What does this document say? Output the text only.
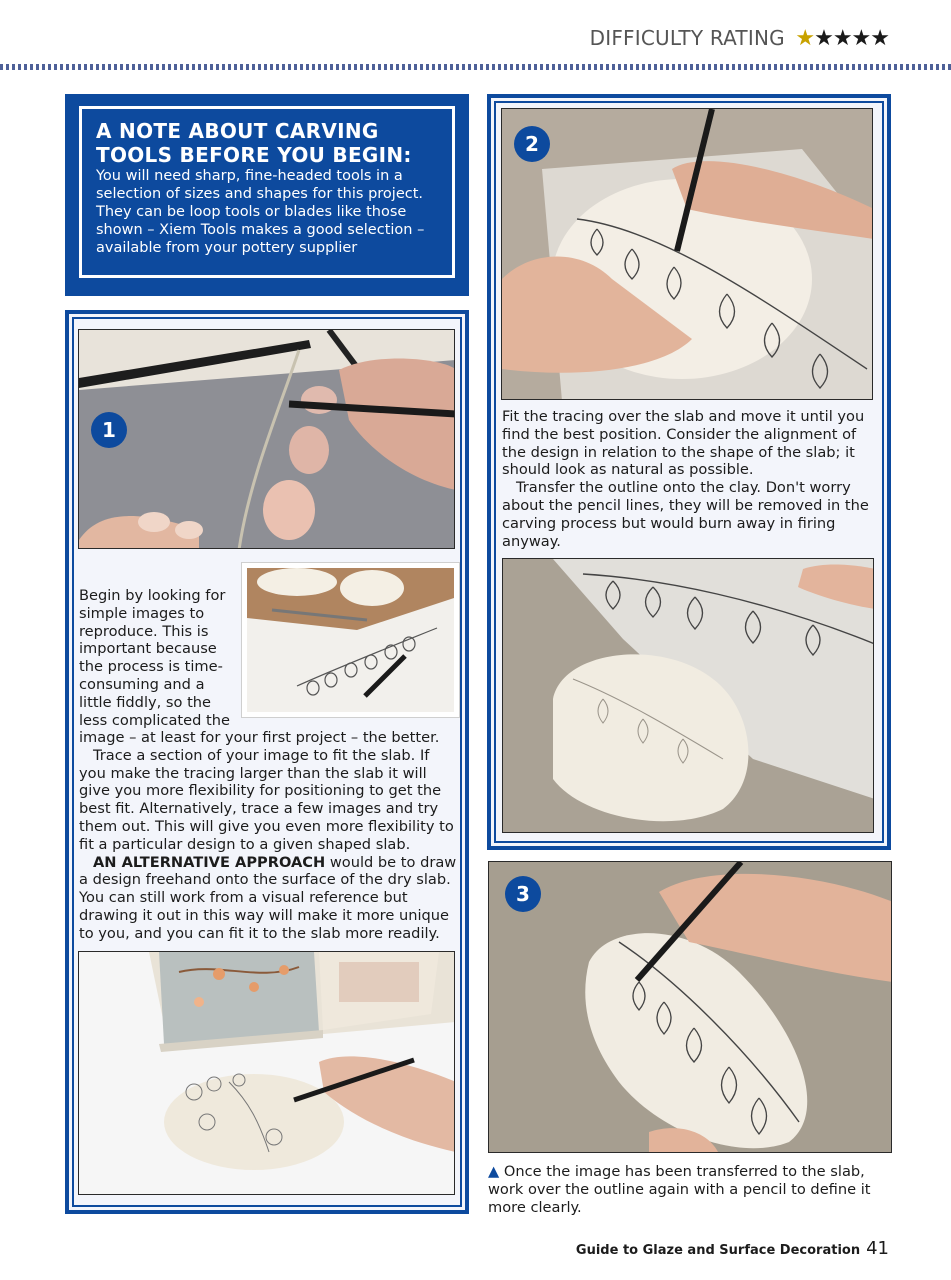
DIFFICULTY RATING ★★★★★
A NOTE ABOUT CARVING TOOLS BEFORE YOU BEGIN:
You will need sharp, fine-headed tools in a selection of sizes and shapes for this project. They can be loop tools or blades like those shown – Xiem Tools makes a good selection – available from your pottery supplier
1
Begin by looking for simple images to reproduce. This is important because the process is time-consuming and a little fiddly, so the less complicated the

image – at least for your first project – the better.

Trace a section of your image to fit the slab. If you make the tracing larger than the slab it will give you more flexibility for positioning to get the best fit. Alternatively, trace a few images and try them out. This will give you even more flexibility to fit a particular design to a given shaped slab.

AN ALTERNATIVE APPROACH would be to draw a design freehand onto the surface of the dry slab. You can still work from a visual reference but drawing it out in this way will make it more unique to you, and you can fit it to the slab more readily.

2

Fit the tracing over the slab and move it until you find the best position. Consider the alignment of the design in relation to the shape of the slab; it should look as natural as possible.

Transfer the outline onto the clay. Don't worry about the pencil lines, they will be removed in the carving process but would burn away in firing anyway.

3
▲ Once the image has been transferred to the slab, work over the outline again with a pencil to define it more clearly.
Guide to Glaze and Surface Decoration 41
